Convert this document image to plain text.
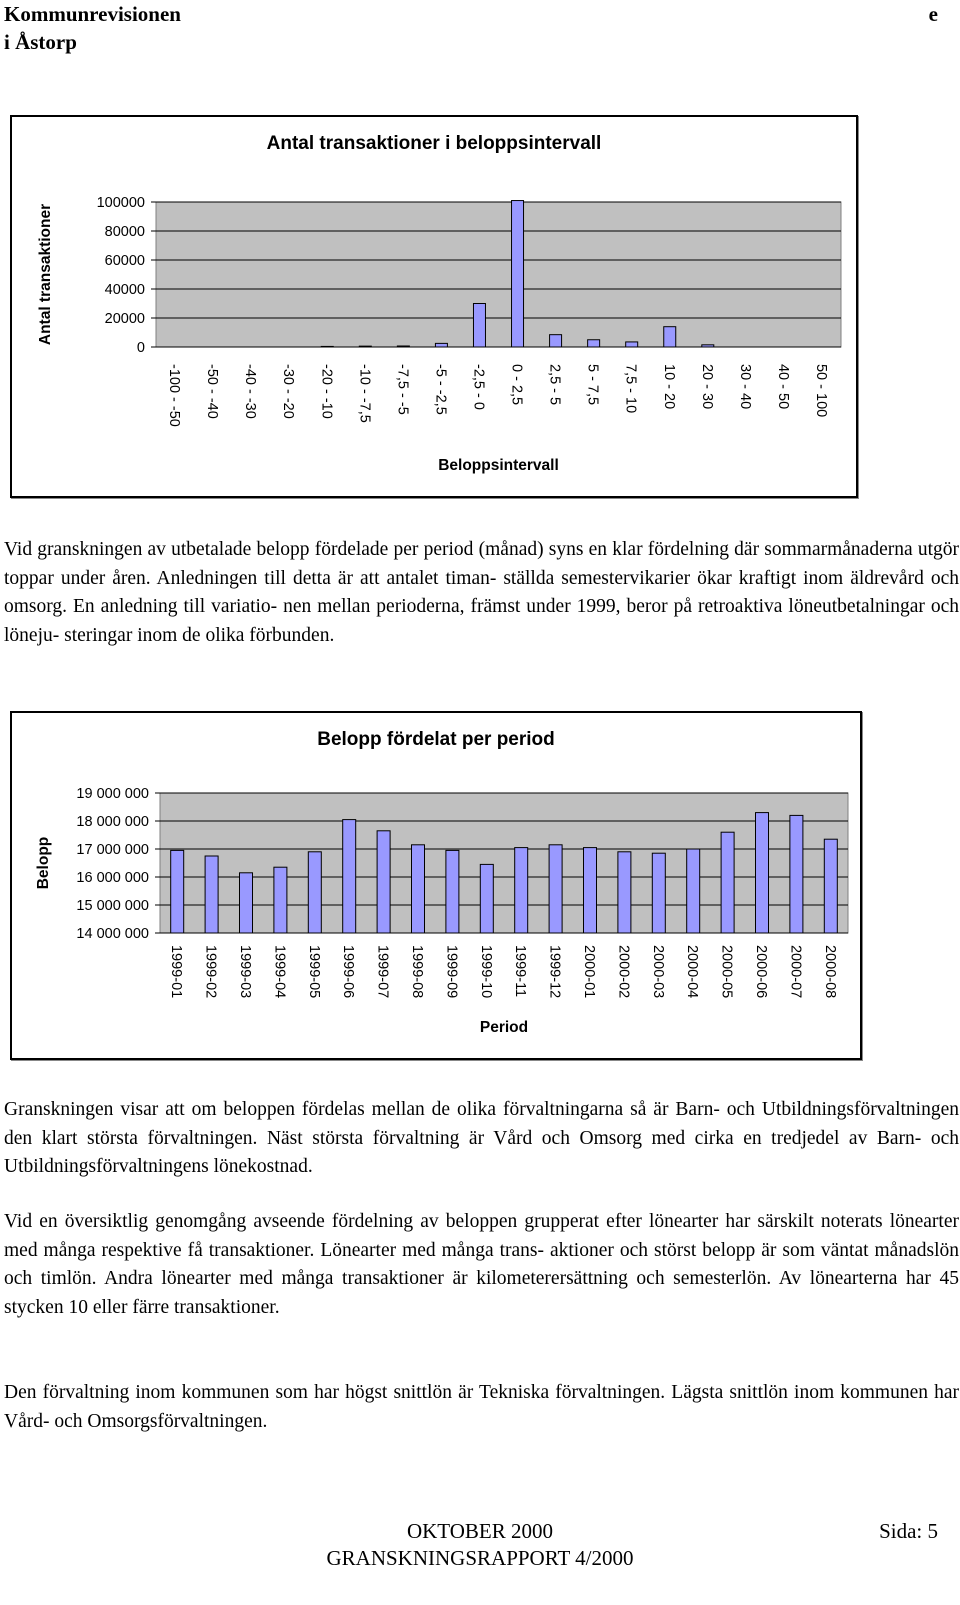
Kommunrevisionen
i Åstorp
e
Antal transaktioner i beloppsintervall
100000
80000
60000
40000
20000
0
-100 - -50 -50 - -40 -40 - -30 -30 - -20 -20 - -10 -10 - -7,5 -7,5 - -5 -5 - -2,5 -2,5 - 0 0 - 2,5 2,5 - 5 5 - 7,5 7,5 - 10 10 - 20 20 - 30 30 - 40 40 - 50 50 - 100
Beloppsintervall
Antal transaktioner

Vid granskningen av utbetalade belopp fördelade per period (månad) syns en klar fördelning där sommarmånaderna utgör toppar under åren. Anledningen till detta är att antalet timan- ställda semestervikarier ökar kraftigt inom äldrevård och omsorg. En anledning till variatio- nen mellan perioderna, främst under 1999, beror på retroaktiva löneutbetalningar och löneju- steringar inom de olika förbunden.

Belopp fördelat per period
19 000 000
18 000 000
17 000 000
16 000 000
15 000 000
14 000 000
1999-01 1999-02 1999-03 1999-04 1999-05 1999-06 1999-07 1999-08 1999-09 1999-10 1999-11 1999-12 2000-01 2000-02 2000-03 2000-04 2000-05 2000-06 2000-07 2000-08
Period
Belopp

Granskningen visar att om beloppen fördelas mellan de olika förvaltningarna så är Barn- och Utbildningsförvaltningen den klart största förvaltningen. Näst största förvaltning är Vård och Omsorg med cirka en tredjedel av Barn- och Utbildningsförvaltningens lönekostnad.

Vid en översiktlig genomgång avseende fördelning av beloppen grupperat efter lönearter har särskilt noterats lönearter med många respektive få transaktioner. Lönearter med många trans- aktioner och störst belopp är som väntat månadslön och timlön. Andra lönearter med många transaktioner är kilometerersättning och semesterlön. Av lönearterna har 45 stycken 10 eller färre transaktioner.

Den förvaltning inom kommunen som har högst snittlön är Tekniska förvaltningen. Lägsta snittlön inom kommunen har Vård- och Omsorgsförvaltningen.

OKTOBER 2000	Sida: 5
GRANSKNINGSRAPPORT 4/2000
